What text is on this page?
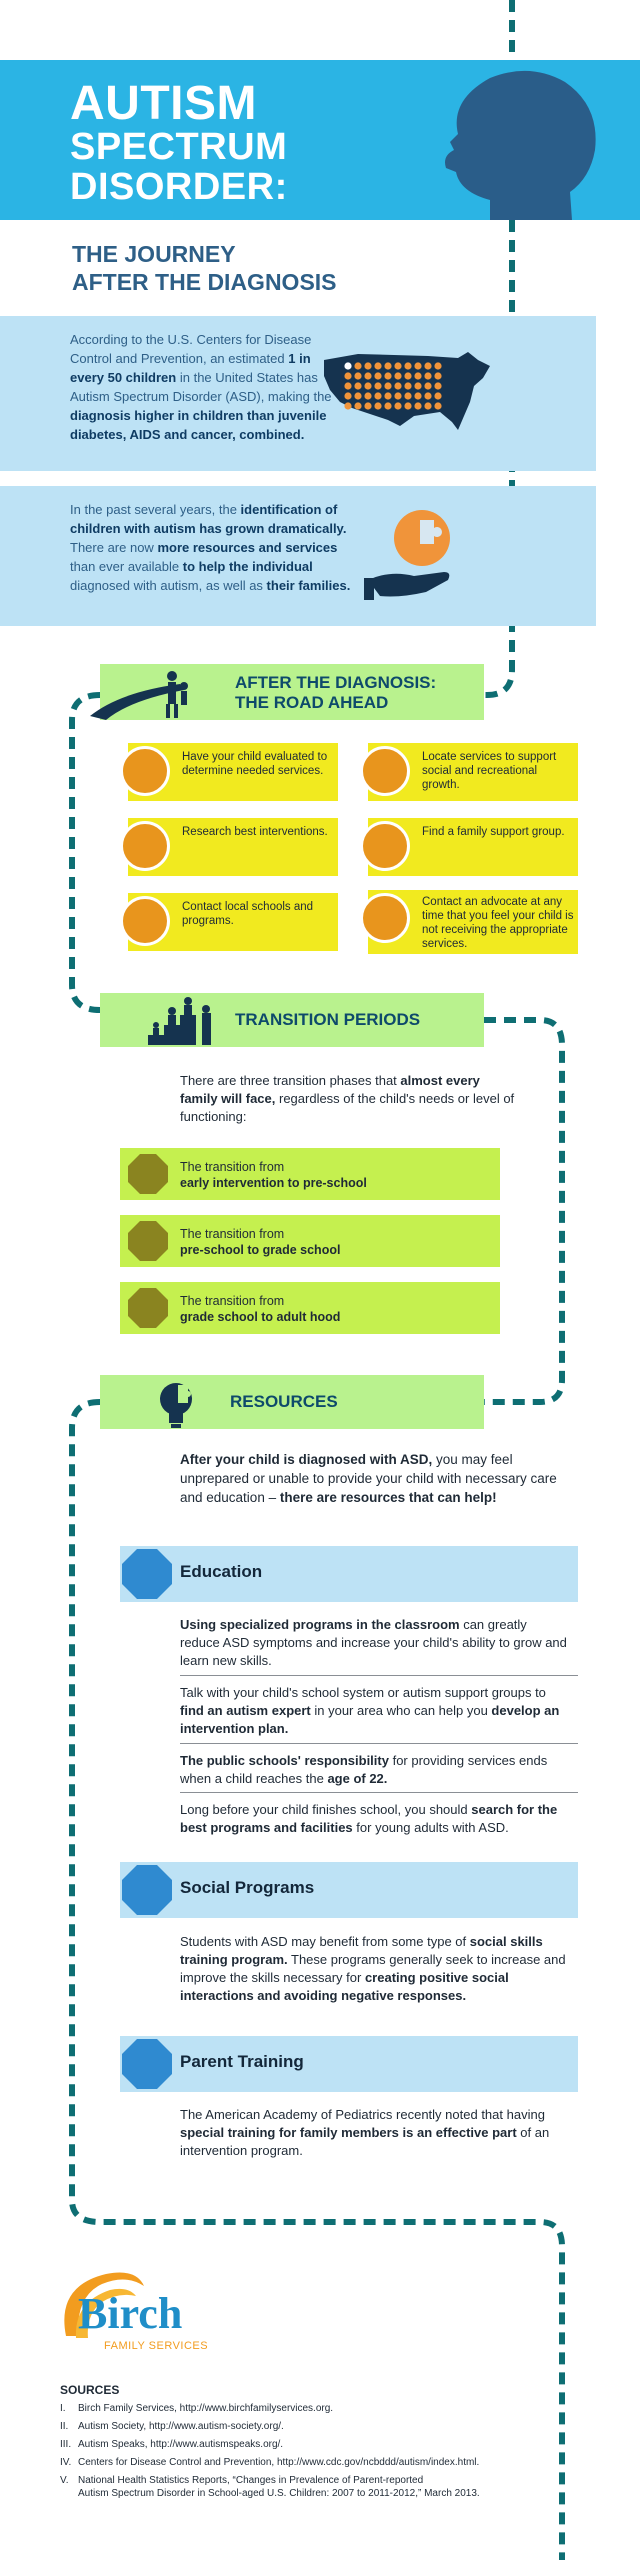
AUTISM
SPECTRUM
DISORDER:
THE JOURNEY
AFTER THE DIAGNOSIS

According to the U.S. Centers for Disease Control and Prevention, an estimated 1 in every 50 children in the United States has Autism Spectrum Disorder (ASD), making the diagnosis higher in children than juvenile diabetes, AIDS and cancer, combined.

In the past several years, the identification of children with autism has grown dramatically. There are now more resources and services than ever available to help the individual diagnosed with autism, as well as their families.

AFTER THE DIAGNOSIS:
THE ROAD AHEAD

Have your child evaluated to determine needed services.

Locate services to support social and recreational growth.

Research best interventions.	Find a family support group.

Contact local schools and programs.

Contact an advocate at any time that you feel your child is not receiving the appropriate services.

TRANSITION PERIODS

There are three transition phases that almost every family will face, regardless of the child's needs or level of functioning:

The transition from
early intervention to pre-school

The transition from
pre-school to grade school

The transition from
grade school to adult hood

RESOURCES

After your child is diagnosed with ASD, you may feel unprepared or unable to provide your child with necessary care and education – there are resources that can help!

Education

Using specialized programs in the classroom can greatly reduce ASD symptoms and increase your child's ability to grow and learn new skills.

Talk with your child's school system or autism support groups to find an autism expert in your area who can help you develop an intervention plan.

The public schools' responsibility for providing services ends when a child reaches the age of 22.

Long before your child finishes school, you should search for the best programs and facilities for young adults with ASD.

Social Programs

Students with ASD may benefit from some type of social skills training program. These programs generally seek to increase and improve the skills necessary for creating positive social interactions and avoiding negative responses.

Parent Training

The American Academy of Pediatrics recently noted that having special training for family members is an effective part of an intervention program.

Birch
FAMILY SERVICES
SOURCES
I. Birch Family Services, http://www.birchfamilyservices.org.
II. Autism Society, http://www.autism-society.org/.
III. Autism Speaks, http://www.autismspeaks.org/.
IV. Centers for Disease Control and Prevention, http://www.cdc.gov/ncbddd/autism/index.html.
V. National Health Statistics Reports, “Changes in Prevalence of Parent-reported
Autism Spectrum Disorder in School-aged U.S. Children: 2007 to 2011-2012,” March 2013.
